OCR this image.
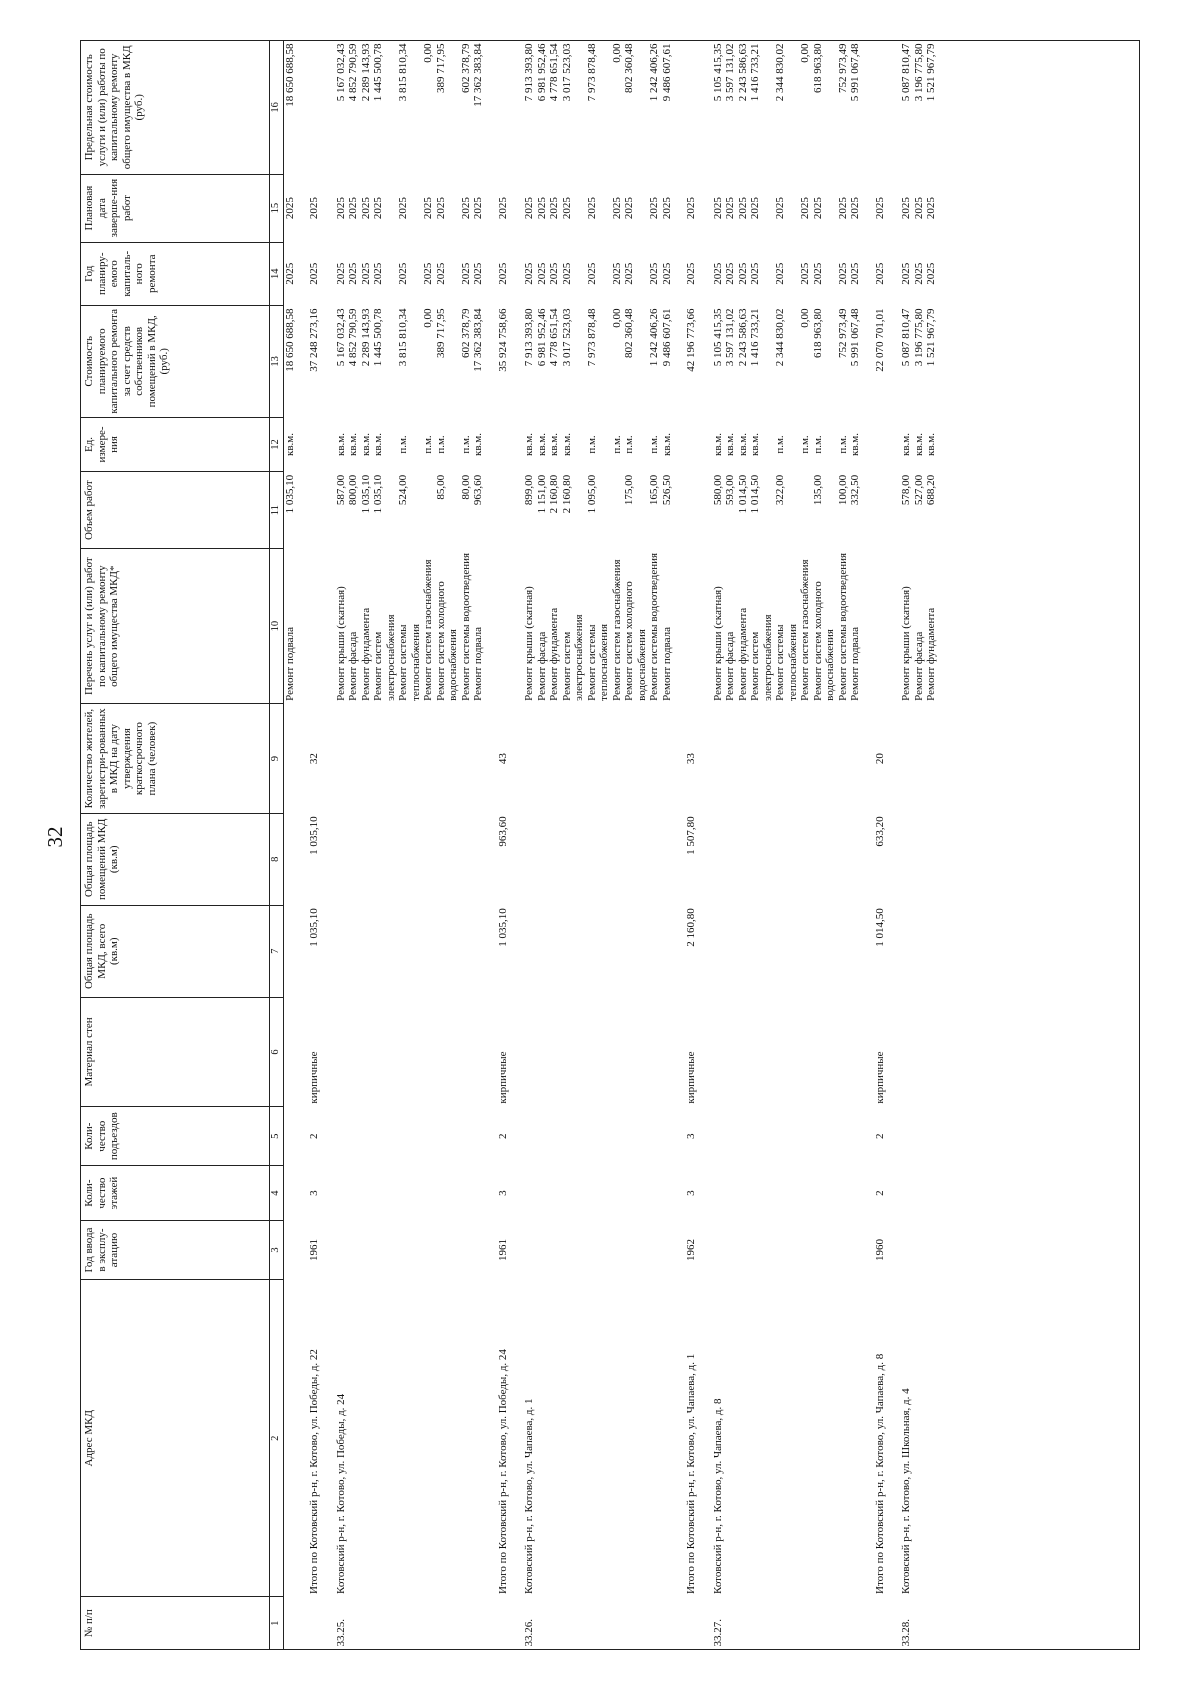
32
№ п/п	Адрес МКД	Год ввода в эксплу-атацию	Коли-чество этажей	Коли-чество подъездов	Материал стен	Общая площадь МКД, всего (кв.м)	Общая площадь помещений МКД (кв.м)	Количество жителей, зарегистри-рованных в МКД на дату утверждения краткосрочного плана (человек)	Перечень услуг и (или) работ по капитальному ремонту общего имущества МКД*	Объем работ	Ед. измере-ния	Стоимость планируемого капитального ремонта за счет средств собственников помещений в МКД, (руб.)	Год планиру-емого капиталь-ного ремонта	Плановая дата заверше-ния работ	Предельная стоимость услуги и (или) работы по капитальному ремонту общего имущества в МКД (руб.)
1	2	3	4	5	6	7	8	9	10	11	12	13	14	15	16
									Ремонт подвала	1 035,10	кв.м.	18 650 688,58	2025	2025	18 650 688,58
	Итого по Котовский р-н, г. Котово, ул. Победы, д. 22	1961	3	2	кирпичные	1 035,10	1 035,10	32				37 248 273,16	2025	2025	

33.25.	Котовский р-н, г. Котово, ул. Победы, д. 24								Ремонт крыши (скатная)	587,00	кв.м.	5 167 032,43	2025	2025	5 167 032,43
									Ремонт фасада	800,00	кв.м.	4 852 790,59	2025	2025	4 852 790,59
									Ремонт фундамента	1 035,10	кв.м.	2 289 143,93	2025	2025	2 289 143,93
									Ремонт систем электроснабжения	1 035,10	кв.м.	1 445 500,78	2025	2025	1 445 500,78
									Ремонт системы теплоснабжения	524,00	п.м.	3 815 810,34	2025	2025	3 815 810,34
									Ремонт систем газоснабжения		п.м.	0,00	2025	2025	0,00
									Ремонт систем холодного водоснабжения	85,00	п.м.	389 717,95	2025	2025	389 717,95
									Ремонт системы водоотведения	80,00	п.м.	602 378,79	2025	2025	602 378,79
									Ремонт подвала	963,60	кв.м.	17 362 383,84	2025	2025	17 362 383,84
	Итого по Котовский р-н, г. Котово, ул. Победы, д. 24	1961	3	2	кирпичные	1 035,10	963,60	43				35 924 758,66	2025	2025	

33.26.	Котовский р-н, г. Котово, ул. Чапаева, д. 1								Ремонт крыши (скатная)	899,00	кв.м.	7 913 393,80	2025	2025	7 913 393,80
									Ремонт фасада	1 151,00	кв.м.	6 981 952,46	2025	2025	6 981 952,46
									Ремонт фундамента	2 160,80	кв.м.	4 778 651,54	2025	2025	4 778 651,54
									Ремонт систем электроснабжения	2 160,80	кв.м.	3 017 523,03	2025	2025	3 017 523,03
									Ремонт системы теплоснабжения	1 095,00	п.м.	7 973 878,48	2025	2025	7 973 878,48
									Ремонт систем газоснабжения		п.м.	0,00	2025	2025	0,00
									Ремонт систем холодного водоснабжения	175,00	п.м.	802 360,48	2025	2025	802 360,48
									Ремонт системы водоотведения	165,00	п.м.	1 242 406,26	2025	2025	1 242 406,26
									Ремонт подвала	526,50	кв.м.	9 486 607,61	2025	2025	9 486 607,61
	Итого по Котовский р-н, г. Котово, ул. Чапаева, д. 1	1962	3	3	кирпичные	2 160,80	1 507,80	33				42 196 773,66	2025	2025	

33.27.	Котовский р-н, г. Котово, ул. Чапаева, д. 8								Ремонт крыши (скатная)	580,00	кв.м.	5 105 415,35	2025	2025	5 105 415,35
									Ремонт фасада	593,00	кв.м.	3 597 131,02	2025	2025	3 597 131,02
									Ремонт фундамента	1 014,50	кв.м.	2 243 586,63	2025	2025	2 243 586,63
									Ремонт систем электроснабжения	1 014,50	кв.м.	1 416 733,21	2025	2025	1 416 733,21
									Ремонт системы теплоснабжения	322,00	п.м.	2 344 830,02	2025	2025	2 344 830,02
									Ремонт систем газоснабжения		п.м.	0,00	2025	2025	0,00
									Ремонт систем холодного водоснабжения	135,00	п.м.	618 963,80	2025	2025	618 963,80
									Ремонт системы водоотведения	100,00	п.м.	752 973,49	2025	2025	752 973,49
									Ремонт подвала	332,50	кв.м.	5 991 067,48	2025	2025	5 991 067,48
	Итого по Котовский р-н, г. Котово, ул. Чапаева, д. 8	1960	2	2	кирпичные	1 014,50	633,20	20				22 070 701,01	2025	2025	

33.28.	Котовский р-н, г. Котово, ул. Школьная, д. 4								Ремонт крыши (скатная)	578,00	кв.м.	5 087 810,47	2025	2025	5 087 810,47
									Ремонт фасада	527,00	кв.м.	3 196 775,80	2025	2025	3 196 775,80
									Ремонт фундамента	688,20	кв.м.	1 521 967,79	2025	2025	1 521 967,79
